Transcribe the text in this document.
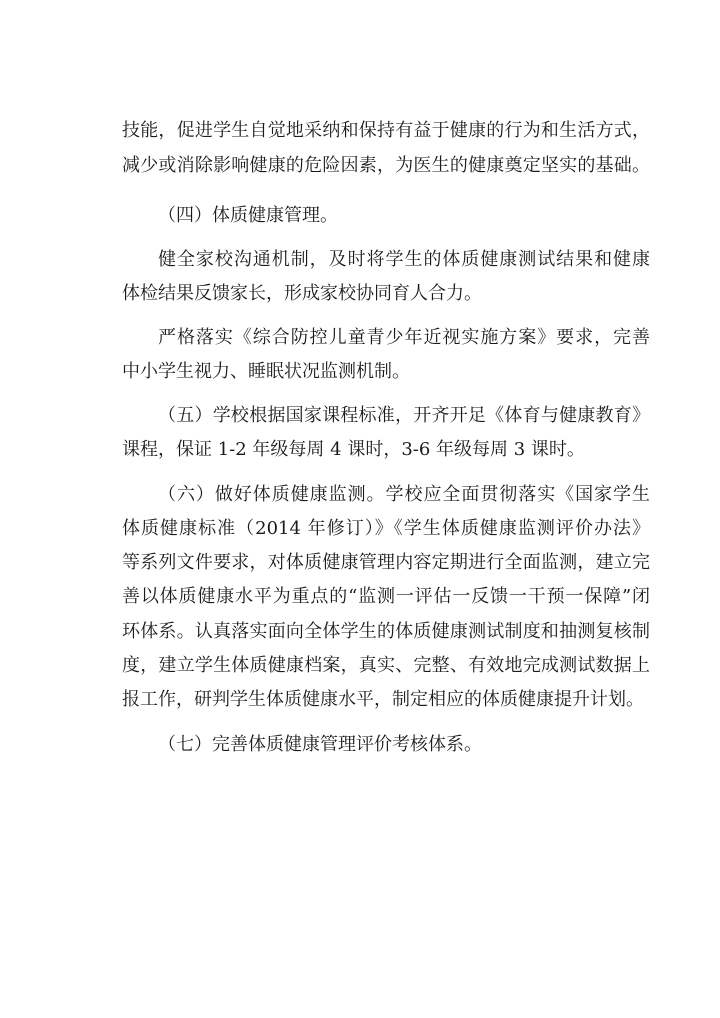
技能，促进学生自觉地采纳和保持有益于健康的行为和生活方式，
减少或消除影响健康的危险因素，为医生的健康奠定坚实的基础。
（四）体质健康管理。
健全家校沟通机制，及时将学生的体质健康测试结果和健康
体检结果反馈家长，形成家校协同育人合力。
严格落实《综合防控儿童青少年近视实施方案》要求，完善
中小学生视力、睡眠状况监测机制。
（五）学校根据国家课程标准，开齐开足《体育与健康教育》
课程，保证 1-2 年级每周 4 课时，3-6 年级每周 3 课时。
（六）做好体质健康监测。学校应全面贯彻落实《国家学生
体质健康标准（2014 年修订）》《学生体质健康监测评价办法》
等系列文件要求，对体质健康管理内容定期进行全面监测，建立完
善以体质健康水平为重点的“监测一评估一反馈一干预一保障”闭
环体系。认真落实面向全体学生的体质健康测试制度和抽测复核制
度，建立学生体质健康档案，真实、完整、有效地完成测试数据上
报工作，研判学生体质健康水平，制定相应的体质健康提升计划。
（七）完善体质健康管理评价考核体系。
